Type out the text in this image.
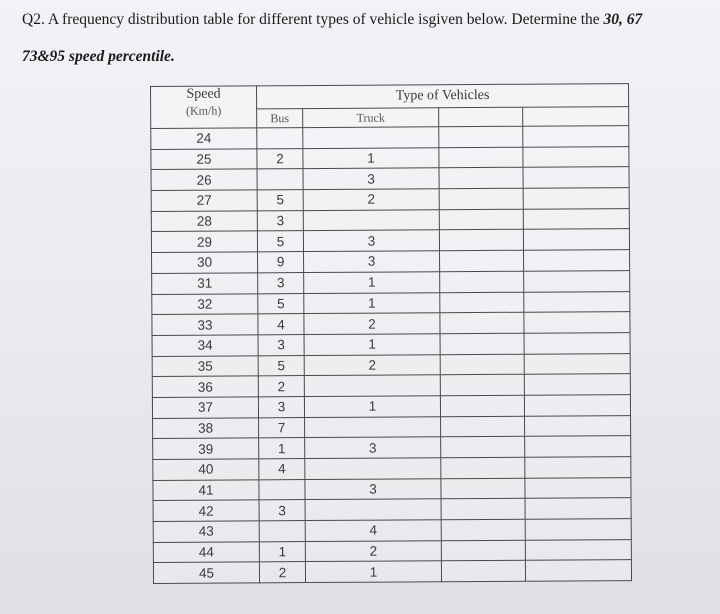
Q2. A frequency distribution table for different types of vehicle isgiven below. Determine the 30, 67
73&95 speed percentile.
Speed
(Km/h)	Type of Vehicles			
	Bus	Truck		
24				
25	2	1		
26		3		
27	5	2		
28	3			
29	5	3		
30	9	3		
31	3	1		
32	5	1		
33	4	2		
34	3	1		
35	5	2		
36	2			
37	3	1		
38	7			
39	1	3		
40	4			
41		3		
42	3			
43		4		
44	1	2		
45	2	1		
